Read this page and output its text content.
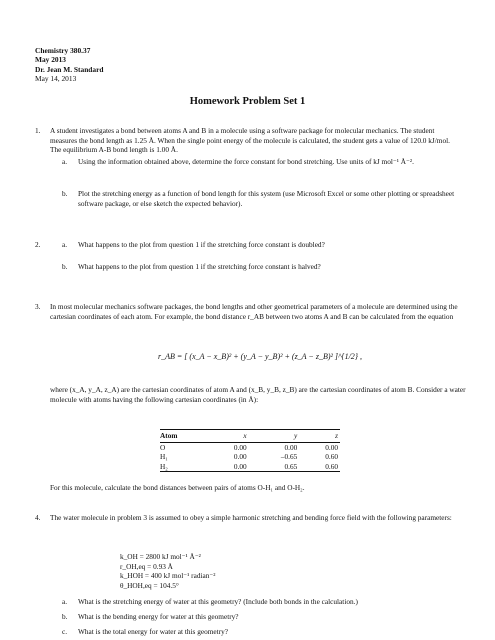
Chemistry 380.37
May 2013
Dr. Jean M. Standard
May 14, 2013
Homework Problem Set 1
1. A student investigates a bond between atoms A and B in a molecule using a software package for molecular mechanics. The student measures the bond length as 1.25 Å. When the single point energy of the molecule is calculated, the student gets a value of 120.0 kJ/mol. The equilibrium A-B bond length is 1.00 Å.
a. Using the information obtained above, determine the force constant for bond stretching. Use units of kJ mol⁻¹ Å⁻².
b. Plot the stretching energy as a function of bond length for this system (use Microsoft Excel or some other plotting or spreadsheet software package, or else sketch the expected behavior).
2.	a. What happens to the plot from question 1 if the stretching force constant is doubled?
b. What happens to the plot from question 1 if the stretching force constant is halved?
3. In most molecular mechanics software packages, the bond lengths and other geometrical parameters of a molecule are determined using the cartesian coordinates of each atom. For example, the bond distance r_AB between two atoms A and B can be calculated from the equation
r_AB = [ (x_A − x_B)² + (y_A − y_B)² + (z_A − z_B)² ]^{1/2} ,
where (x_A, y_A, z_A) are the cartesian coordinates of atom A and (x_B, y_B, z_B) are the cartesian coordinates of atom B. Consider a water molecule with atoms having the following cartesian coordinates (in Å):
Atom	x	y	z
O	0.00	0.00	0.00
H₁	0.00	–0.65	0.60
H₂	0.00	0.65	0.60
For this molecule, calculate the bond distances between pairs of atoms O-H₁ and O-H₂.
4. The water molecule in problem 3 is assumed to obey a simple harmonic stretching and bending force field with the following parameters:
k_OH = 2800 kJ mol⁻¹ Å⁻²
r_OH,eq = 0.93 Å
k_HOH = 400 kJ mol⁻¹ radian⁻²
θ_HOH,eq = 104.5°
a. What is the stretching energy of water at this geometry? (Include both bonds in the calculation.)
b. What is the bending energy for water at this geometry?
c. What is the total energy for water at this geometry?
